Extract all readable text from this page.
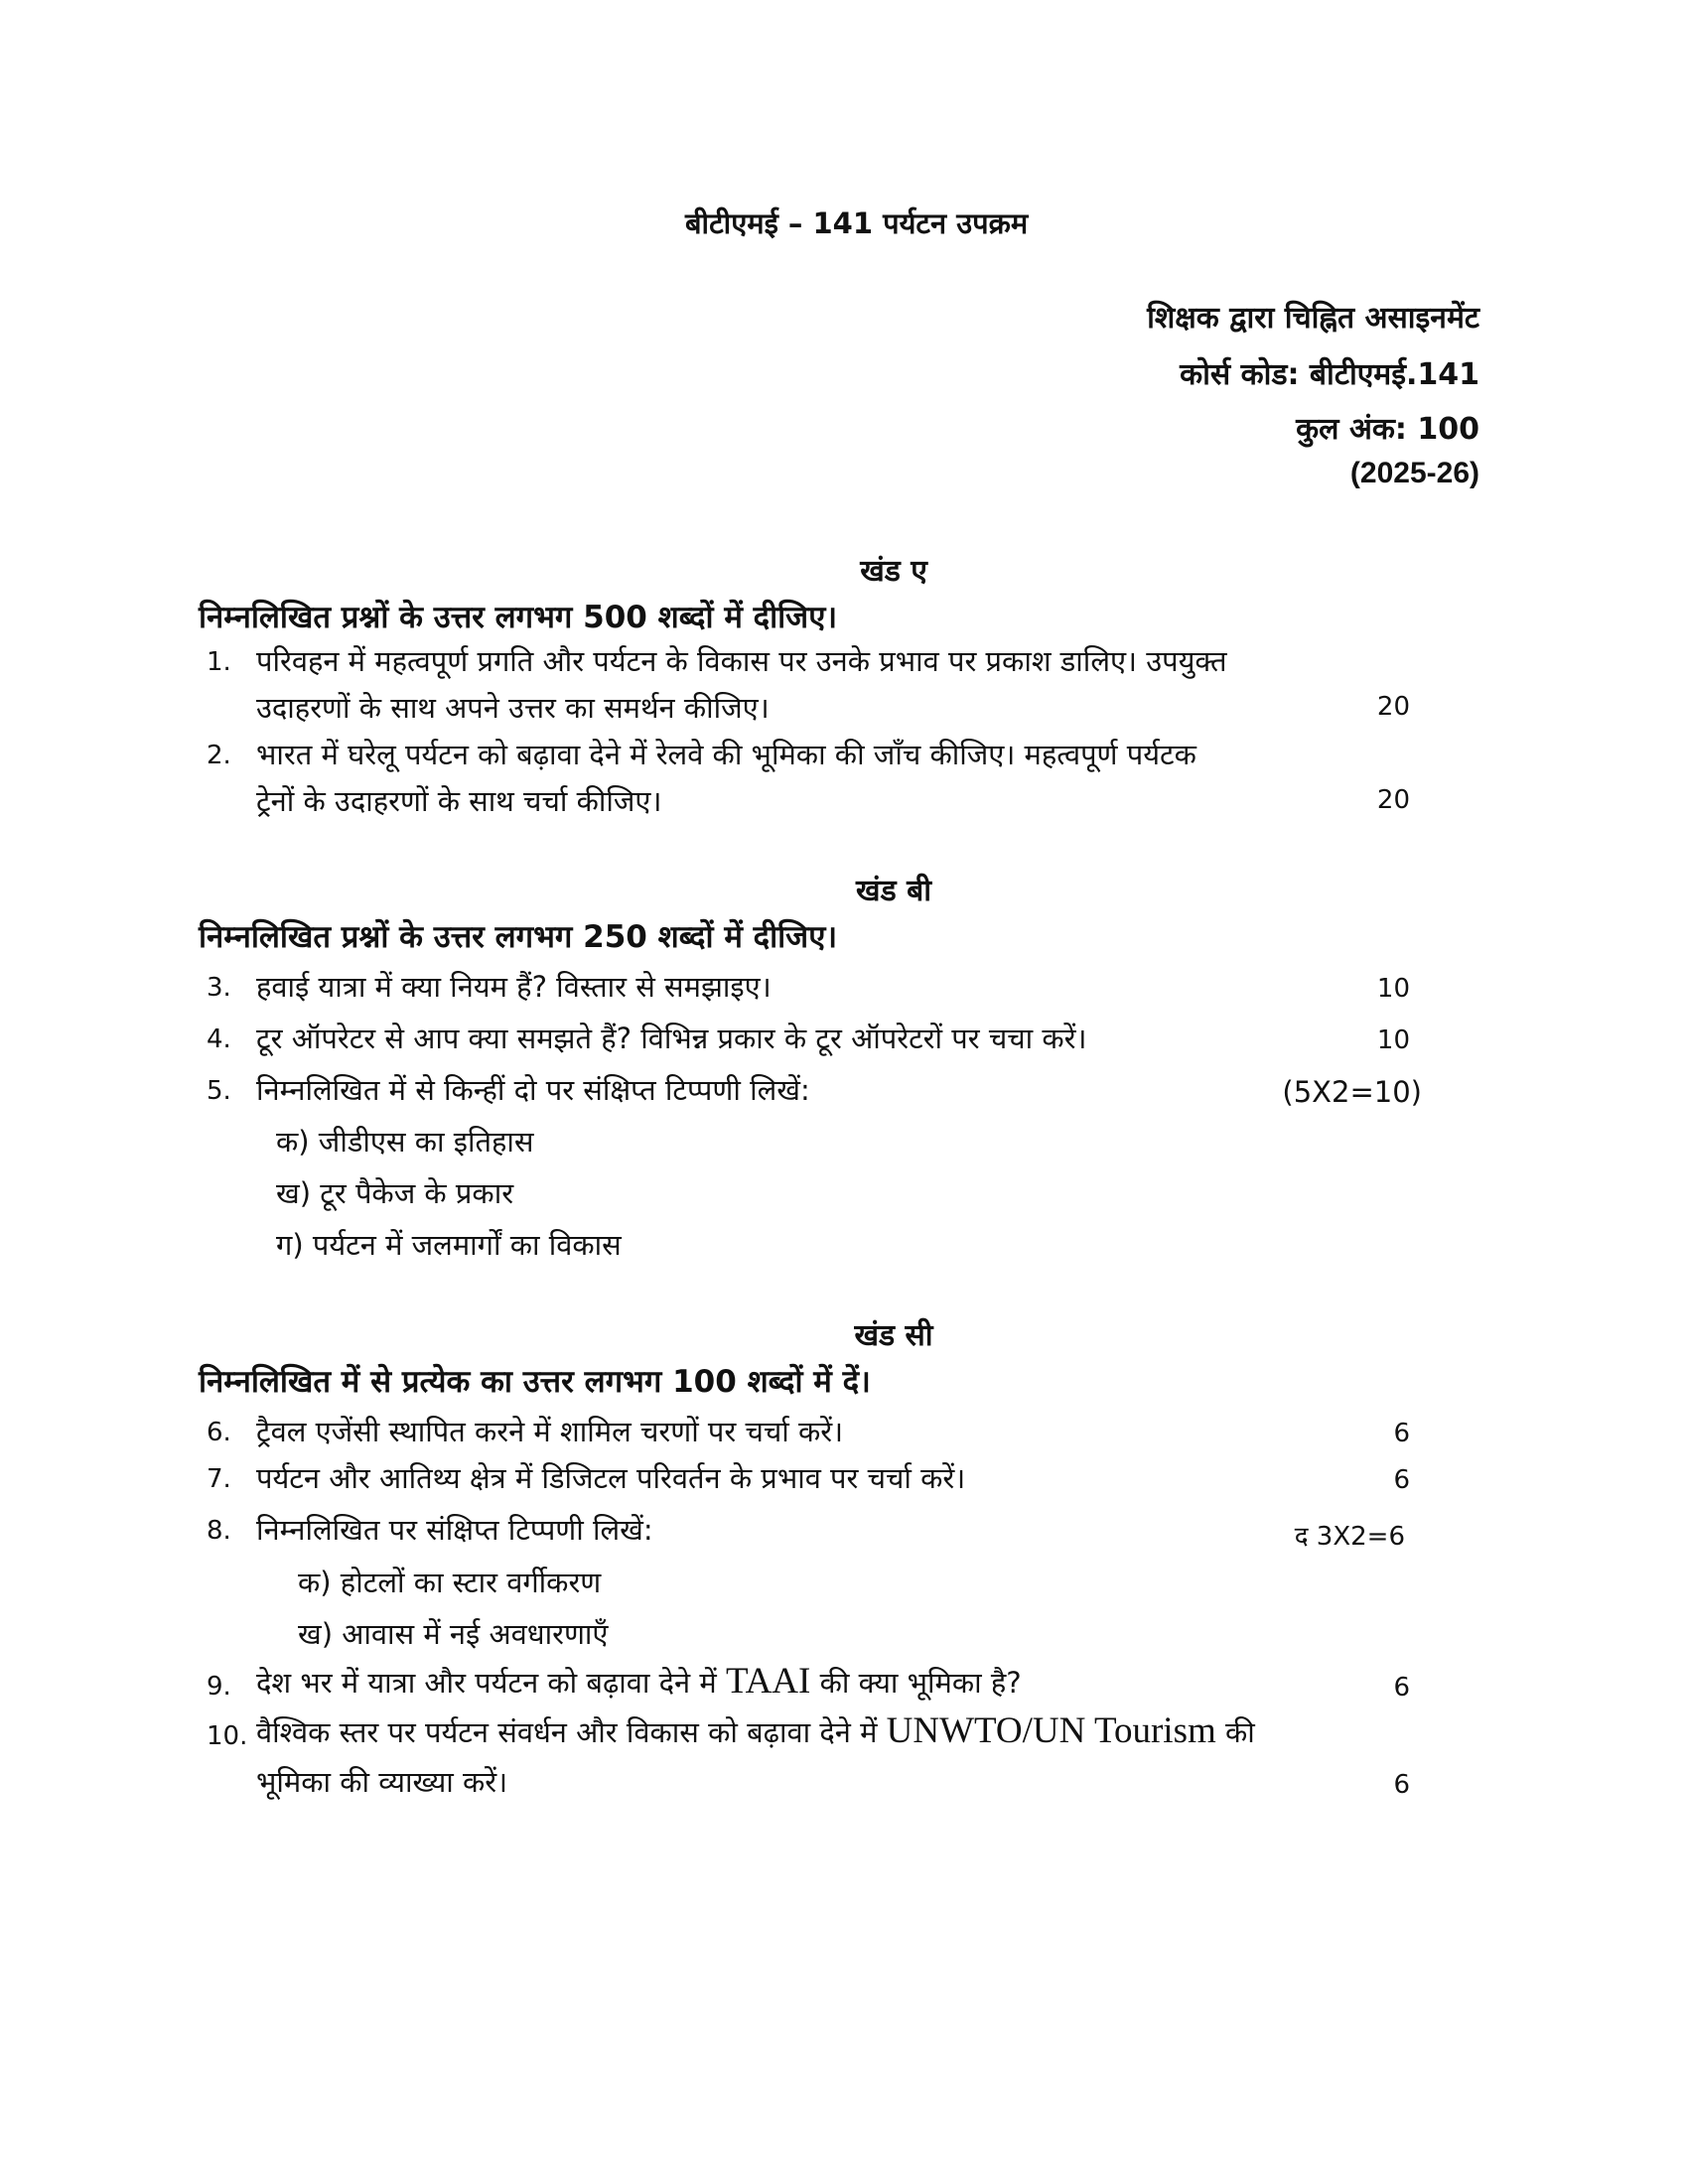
बीटीएमई – 141 पर्यटन उपक्रम
शिक्षक द्वारा चिह्नित असाइनमेंट
कोर्स कोड: बीटीएमई.141
कुल अंक: 100
(2025-26)
खंड ए
निम्नलिखित प्रश्नों के उत्तर लगभग 500 शब्दों में दीजिए।
1. परिवहन में महत्वपूर्ण प्रगति और पर्यटन के विकास पर उनके प्रभाव पर प्रकाश डालिए। उपयुक्त
उदाहरणों के साथ अपने उत्तर का समर्थन कीजिए।	20
2. भारत में घरेलू पर्यटन को बढ़ावा देने में रेलवे की भूमिका की जाँच कीजिए। महत्वपूर्ण पर्यटक
ट्रेनों के उदाहरणों के साथ चर्चा कीजिए।	20
खंड बी
निम्नलिखित प्रश्नों के उत्तर लगभग 250 शब्दों में दीजिए।
3. हवाई यात्रा में क्या नियम हैं? विस्तार से समझाइए।	10
4. टूर ऑपरेटर से आप क्या समझते हैं? विभिन्न प्रकार के टूर ऑपरेटरों पर चचा करें।	10
5. निम्नलिखित में से किन्हीं दो पर संक्षिप्त टिप्पणी लिखें:	(5X2=10)
क) जीडीएस का इतिहास
ख) टूर पैकेज के प्रकार
ग) पर्यटन में जलमार्गों का विकास
खंड सी
निम्नलिखित में से प्रत्येक का उत्तर लगभग 100 शब्दों में दें।
6. ट्रैवल एजेंसी स्थापित करने में शामिल चरणों पर चर्चा करें।	6
7. पर्यटन और आतिथ्य क्षेत्र में डिजिटल परिवर्तन के प्रभाव पर चर्चा करें।	6
8. निम्नलिखित पर संक्षिप्त टिप्पणी लिखें:	द 3X2=6
क) होटलों का स्टार वर्गीकरण
ख) आवास में नई अवधारणाएँ
9. देश भर में यात्रा और पर्यटन को बढ़ावा देने में TAAI की क्या भूमिका है?	6
10. वैश्विक स्तर पर पर्यटन संवर्धन और विकास को बढ़ावा देने में UNWTO/UN Tourism की
भूमिका की व्याख्या करें।	6
